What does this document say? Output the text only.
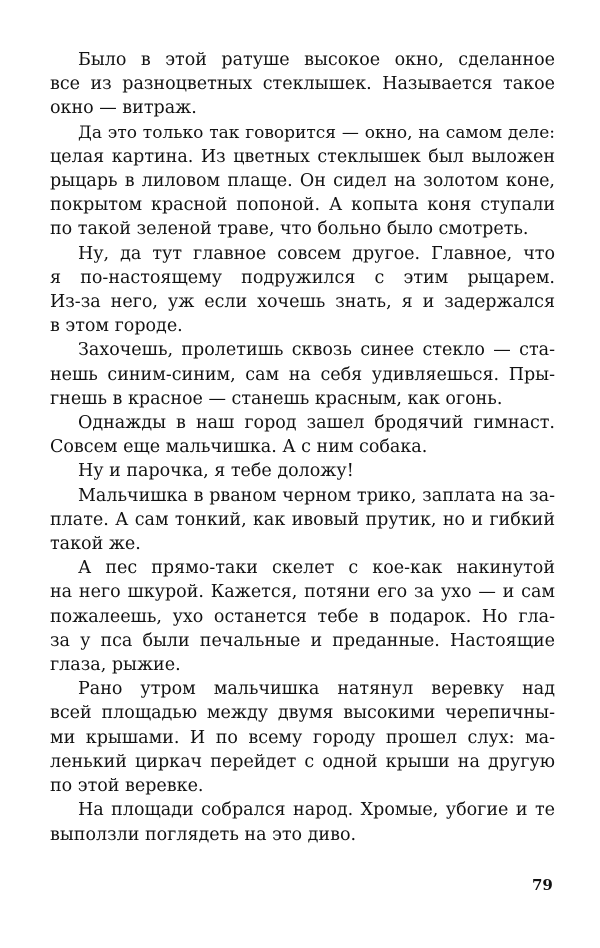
Было в этой ратуше высокое окно, сделанное
все из разноцветных стеклышек. Называется такое
окно — витраж.
Да это только так говорится — окно, на самом деле:
целая картина. Из цветных стеклышек был выложен
рыцарь в лиловом плаще. Он сидел на золотом коне,
покрытом красной попоной. А копыта коня ступали
по такой зеленой траве, что больно было смотреть.
Ну, да тут главное совсем другое. Главное, что
я по-настоящему подружился с этим рыцарем.
Из-за него, уж если хочешь знать, я и задержался
в этом городе.
Захочешь, пролетишь сквозь синее стекло — ста-
нешь синим-синим, сам на себя удивляешься. Пры-
гнешь в красное — станешь красным, как огонь.
Однажды в наш город зашел бродячий гимнаст.
Совсем еще мальчишка. А с ним собака.
Ну и парочка, я тебе доложу!
Мальчишка в рваном черном трико, заплата на за-
плате. А сам тонкий, как ивовый прутик, но и гибкий
такой же.
А пес прямо-таки скелет с кое-как накинутой
на него шкурой. Кажется, потяни его за ухо — и сам
пожалеешь, ухо останется тебе в подарок. Но гла-
за у пса были печальные и преданные. Настоящие
глаза, рыжие.
Рано утром мальчишка натянул веревку над
всей площадью между двумя высокими черепичны-
ми крышами. И по всему городу прошел слух: ма-
ленький циркач перейдет с одной крыши на другую
по этой веревке.
На площади собрался народ. Хромые, убогие и те
выползли поглядеть на это диво.
79
